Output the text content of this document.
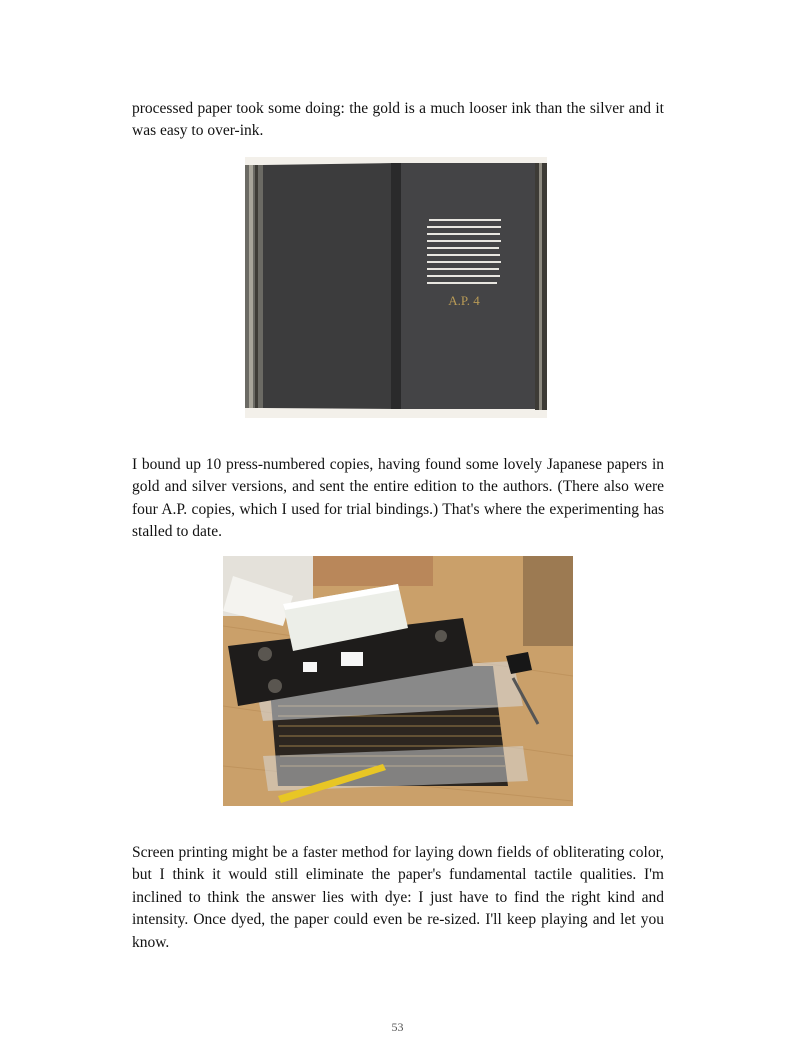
processed paper took some doing: the gold is a much looser ink than the silver and it was easy to over-ink.

A.P. 4

I bound up 10 press-numbered copies, having found some lovely Japanese papers in gold and silver versions, and sent the entire edition to the authors. (There also were four A.P. copies, which I used for trial bindings.) That's where the experimenting has stalled to date.

Screen printing might be a faster method for laying down fields of obliterating color, but I think it would still eliminate the paper's fundamental tactile qualities. I'm inclined to think the answer lies with dye: I just have to find the right kind and intensity. Once dyed, the paper could even be re-sized. I'll keep playing and let you know.

53
